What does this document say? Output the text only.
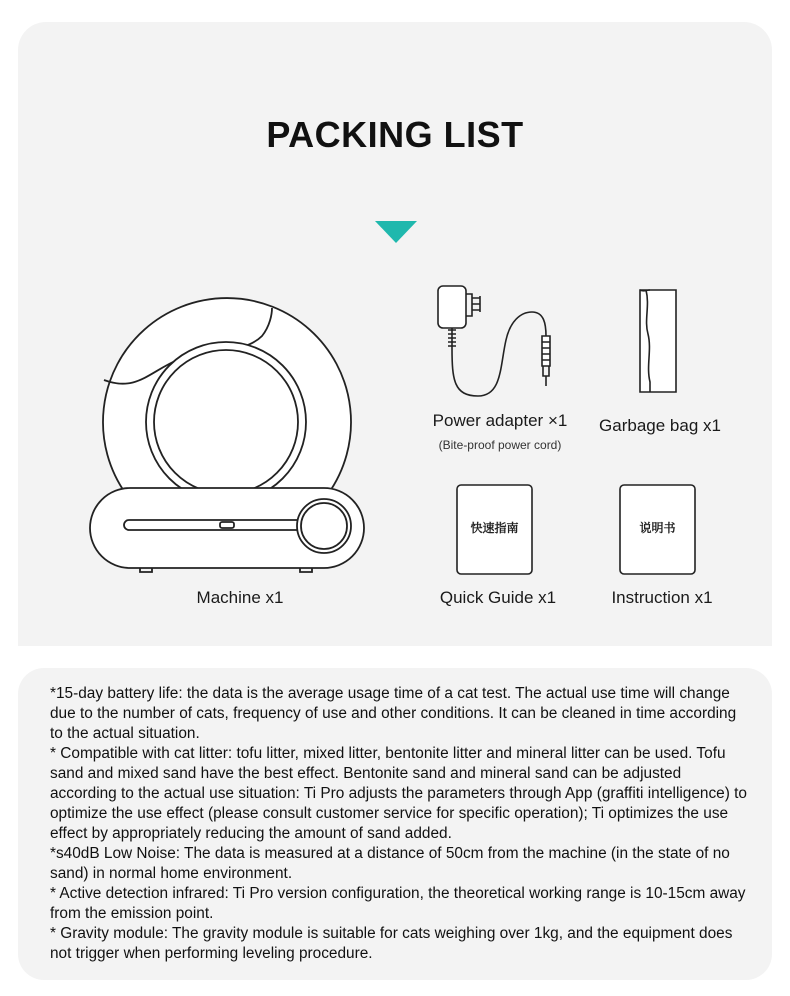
PACKING LIST
Machine x1
Power adapter ×1
(Bite-proof power cord)
Garbage bag x1
快速指南
Quick Guide x1
说明书
Instruction x1

*15-day battery life: the data is the average usage time of a cat test. The actual use time will change due to the number of cats, frequency of use and other conditions. It can be cleaned in time according to the actual situation.

* Compatible with cat litter: tofu litter, mixed litter, bentonite litter and mineral litter can be used. Tofu sand and mixed sand have the best effect. Bentonite sand and mineral sand can be adjusted according to the actual use situation: Ti Pro adjusts the parameters through App (graffiti intelligence) to optimize the use effect (please consult customer service for specific operation); Ti optimizes the use effect by appropriately reducing the amount of sand added.

*s40dB Low Noise: The data is measured at a distance of 50cm from the machine (in the state of no sand) in normal home environment.

* Active detection infrared: Ti Pro version configuration, the theoretical working range is 10-15cm away from the emission point.

* Gravity module: The gravity module is suitable for cats weighing over 1kg, and the equipment does not trigger when performing leveling procedure.
